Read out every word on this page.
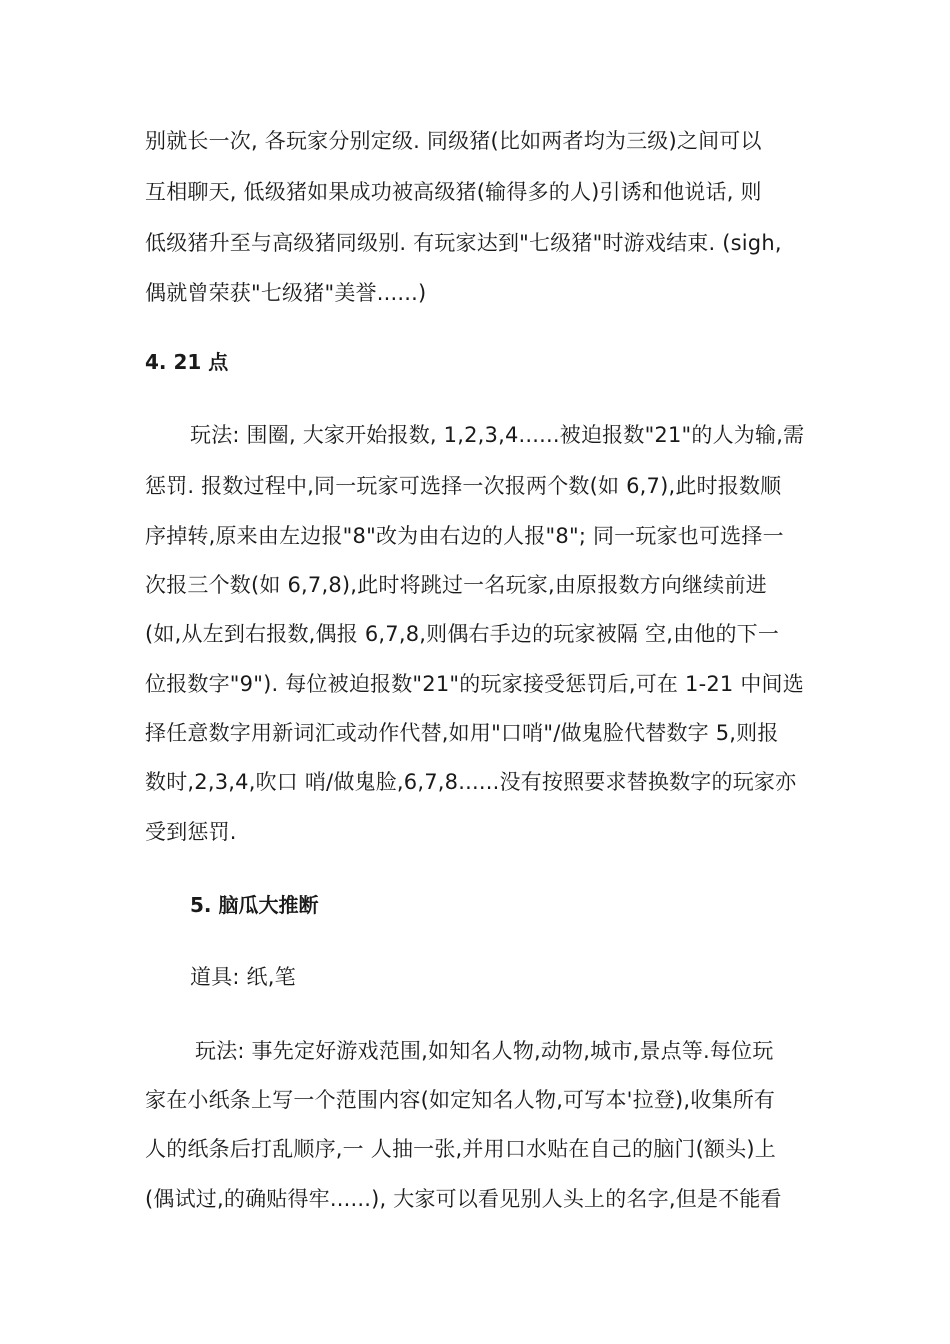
别就长一次, 各玩家分别定级. 同级猪(比如两者均为三级)之间可以
互相聊天, 低级猪如果成功被高级猪(输得多的人)引诱和他说话, 则
低级猪升至与高级猪同级别. 有玩家达到"七级猪"时游戏结束. (sigh,
偶就曾荣获"七级猪"美誉......)
4. 21 点
玩法: 围圈, 大家开始报数, 1,2,3,4......被迫报数"21"的人为输,需
惩罚. 报数过程中,同一玩家可选择一次报两个数(如 6,7),此时报数顺
序掉转,原来由左边报"8"改为由右边的人报"8"; 同一玩家也可选择一
次报三个数(如 6,7,8),此时将跳过一名玩家,由原报数方向继续前进
(如,从左到右报数,偶报 6,7,8,则偶右手边的玩家被隔 空,由他的下一
位报数字"9"). 每位被迫报数"21"的玩家接受惩罚后,可在 1-21 中间选
择任意数字用新词汇或动作代替,如用"口哨"/做鬼脸代替数字 5,则报
数时,2,3,4,吹口 哨/做鬼脸,6,7,8......没有按照要求替换数字的玩家亦
受到惩罚.
5. 脑瓜大推断
道具: 纸,笔
玩法: 事先定好游戏范围,如知名人物,动物,城市,景点等.每位玩
家在小纸条上写一个范围内容(如定知名人物,可写本'拉登),收集所有
人的纸条后打乱顺序,一 人抽一张,并用口水贴在自己的脑门(额头)上
(偶试过,的确贴得牢......), 大家可以看见别人头上的名字,但是不能看
